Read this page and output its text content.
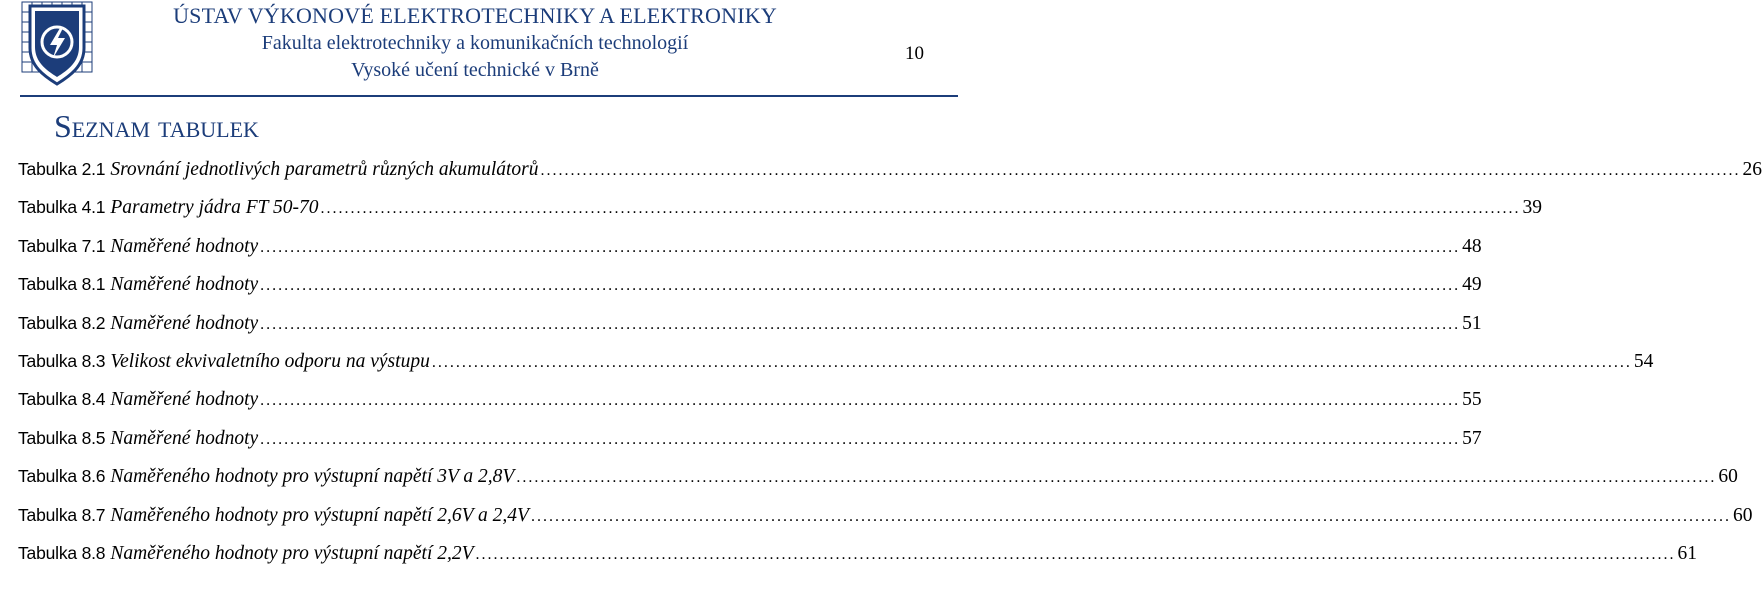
ÚSTAV VÝKONOVÉ ELEKTROTECHNIKY A ELEKTRONIKY
Fakulta elektrotechniky a komunikačních technologií
Vysoké učení technické v Brně
10
Seznam tabulek
Tabulka 2.1 Srovnání jednotlivých parametrů různých akumulátorů ........................................................................................................................................................................................................ 26
Tabulka 4.1 Parametry jádra FT 50-70 ........................................................................................................................................................................................................ 39
Tabulka 7.1 Naměřené hodnoty ........................................................................................................................................................................................................ 48
Tabulka 8.1 Naměřené hodnoty ........................................................................................................................................................................................................ 49
Tabulka 8.2 Naměřené hodnoty ........................................................................................................................................................................................................ 51
Tabulka 8.3 Velikost ekvivaletního odporu na výstupu ........................................................................................................................................................................................................ 54
Tabulka 8.4 Naměřené hodnoty ........................................................................................................................................................................................................ 55
Tabulka 8.5 Naměřené hodnoty ........................................................................................................................................................................................................ 57
Tabulka 8.6 Naměřeného hodnoty pro výstupní napětí 3V a 2,8V ........................................................................................................................................................................................................ 60
Tabulka 8.7 Naměřeného hodnoty pro výstupní napětí 2,6V a 2,4V ........................................................................................................................................................................................................ 60
Tabulka 8.8 Naměřeného hodnoty pro výstupní napětí 2,2V ........................................................................................................................................................................................................ 61
